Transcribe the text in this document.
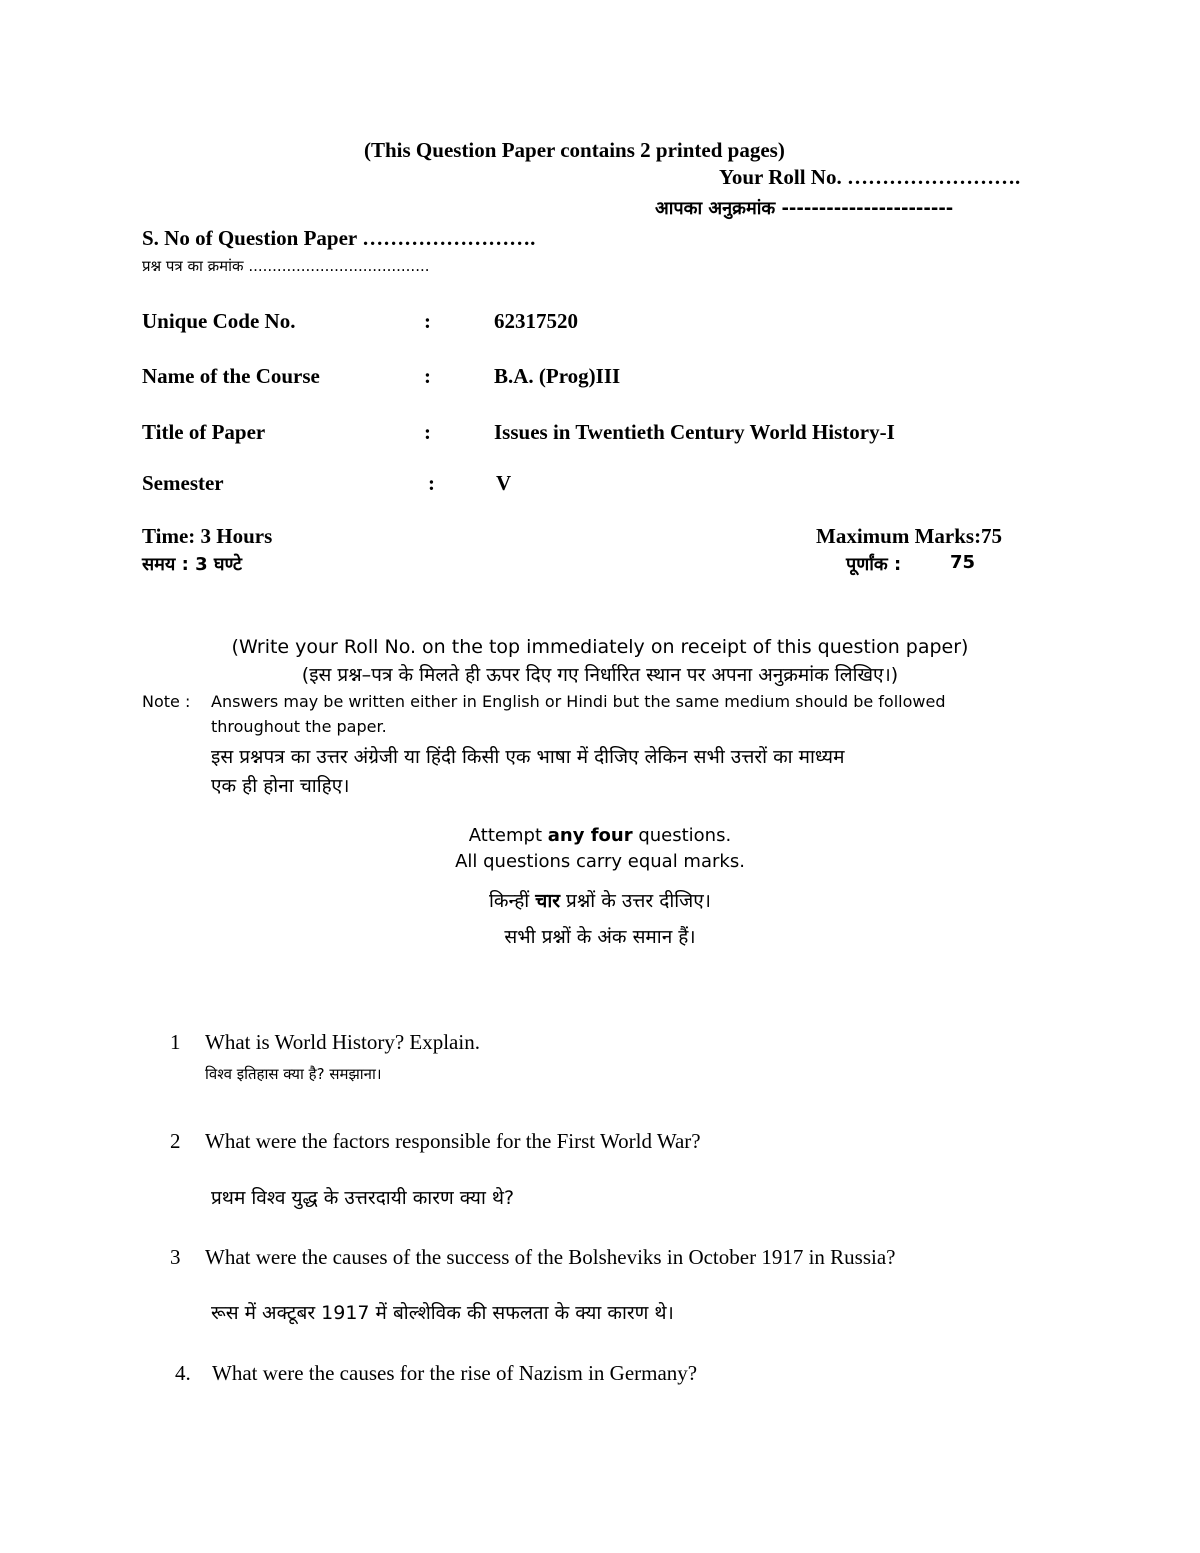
(This Question Paper contains 2 printed pages)
Your Roll No. …………………….
आपका अनुक्रमांक -----------------------
S. No of Question Paper …………………….
प्रश्न पत्र का क्रमांक ......................................
Unique Code No.	:	62317520
Name of the Course	:	B.A. (Prog)III
Title of Paper	:	Issues in Twentieth Century World History-I
Semester	:	V
Time: 3 Hours
समय : 3 घण्टे
Maximum Marks:75
पूर्णांक :	75
(Write your Roll No. on the top immediately on receipt of this question paper)
(इस प्रश्न–पत्र के मिलते ही ऊपर दिए गए निर्धारित स्थान पर अपना अनुक्रमांक लिखिए।)
Note : Answers may be written either in English or Hindi but the same medium should be followed
throughout the paper.
इस प्रश्नपत्र का उत्तर अंग्रेजी या हिंदी किसी एक भाषा में दीजिए लेकिन सभी उत्तरों का माध्यम
एक ही होना चाहिए।
Attempt any four questions.
All questions carry equal marks.
किन्हीं चार प्रश्नों के उत्तर दीजिए।
सभी प्रश्नों के अंक समान हैं।
1 What is World History? Explain.
विश्व इतिहास क्या है? समझाना।
2 What were the factors responsible for the First World War?
प्रथम विश्व युद्ध के उत्तरदायी कारण क्या थे?
3 What were the causes of the success of the Bolsheviks in October 1917 in Russia?
रूस में अक्टूबर 1917 में बोल्शेविक की सफलता के क्या कारण थे।
4. What were the causes for the rise of Nazism in Germany?
